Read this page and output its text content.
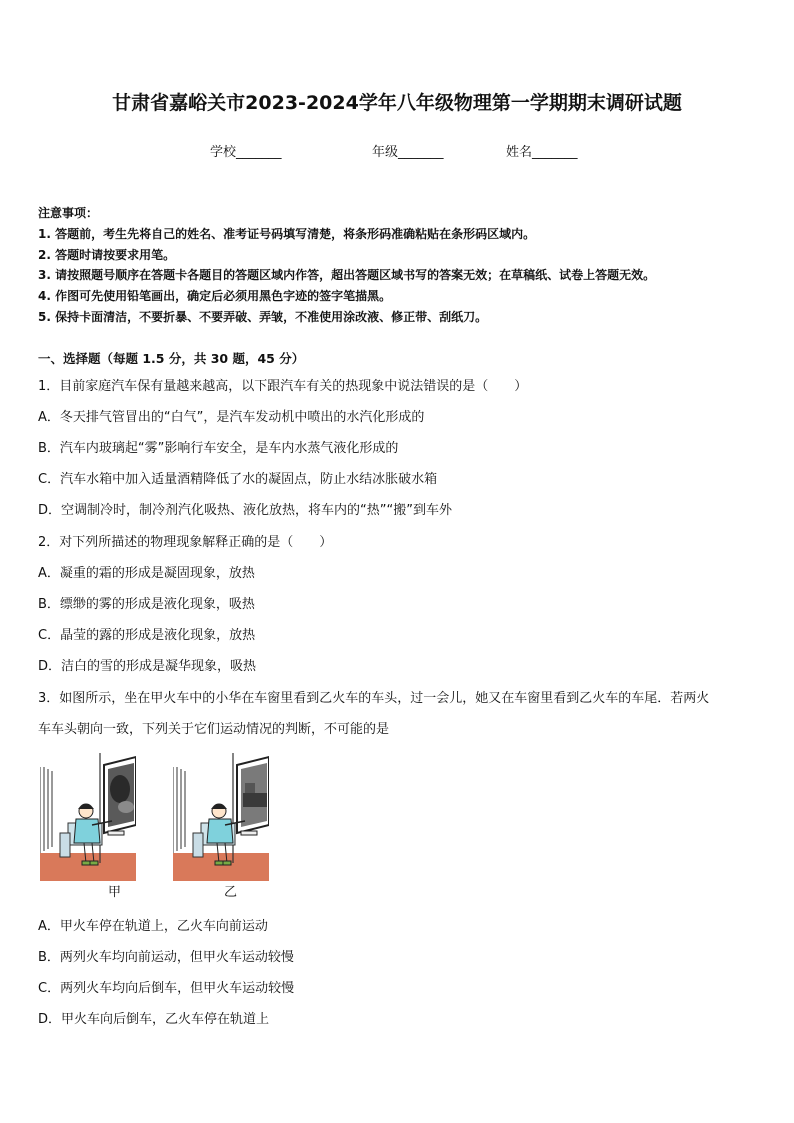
甘肃省嘉峪关市2023-2024学年八年级物理第一学期期末调研试题
学校_______	年级_______	姓名_______
注意事项：
1. 答题前，考生先将自己的姓名、准考证号码填写清楚，将条形码准确粘贴在条形码区域内。
2. 答题时请按要求用笔。
3. 请按照题号顺序在答题卡各题目的答题区域内作答，超出答题区域书写的答案无效；在草稿纸、试卷上答题无效。
4. 作图可先使用铅笔画出，确定后必须用黑色字迹的签字笔描黑。
5. 保持卡面清洁，不要折暴、不要弄破、弄皱，不准使用涂改液、修正带、刮纸刀。
一、选择题（每题 1.5 分，共 30 题，45 分）
1．目前家庭汽车保有量越来越高，以下跟汽车有关的热现象中说法错误的是（　　）
A．冬天排气管冒出的“白气”，是汽车发动机中喷出的水汽化形成的
B．汽车内玻璃起“雾”影响行车安全，是车内水蒸气液化形成的
C．汽车水箱中加入适量酒精降低了水的凝固点，防止水结冰胀破水箱
D．空调制冷时，制冷剂汽化吸热、液化放热，将车内的“热”“搬”到车外
2．对下列所描述的物理现象解释正确的是（　　）
A．凝重的霜的形成是凝固现象，放热
B．缥缈的雾的形成是液化现象，吸热
C．晶莹的露的形成是液化现象，放热
D．洁白的雪的形成是凝华现象，吸热
3．如图所示，坐在甲火车中的小华在车窗里看到乙火车的车头，过一会儿，她又在车窗里看到乙火车的车尾．若两火
车车头朝向一致，下列关于它们运动情况的判断，不可能的是
甲	乙
A．甲火车停在轨道上，乙火车向前运动
B．两列火车均向前运动，但甲火车运动较慢
C．两列火车均向后倒车，但甲火车运动较慢
D．甲火车向后倒车，乙火车停在轨道上
